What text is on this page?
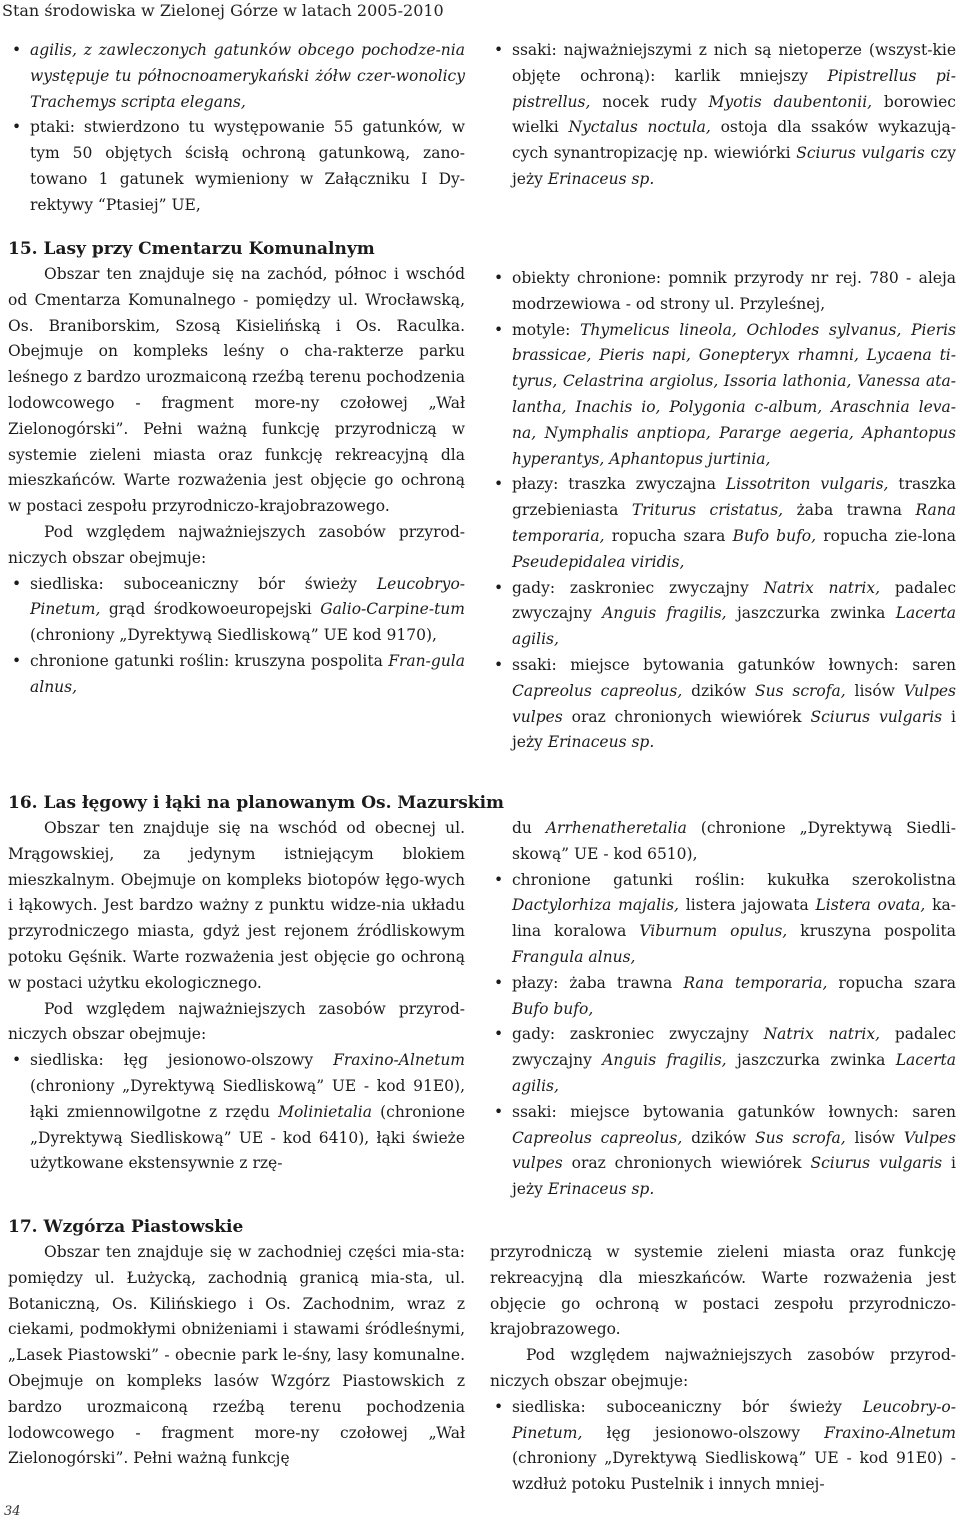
Stan środowiska w Zielonej Górze w latach 2005-2010
• agilis, z zawleczonych gatunków obcego pochodze-nia występuje tu północnoamerykański żółw czer-wonolicy Trachemys scripta elegans,
• ptaki: stwierdzono tu występowanie 55 gatunków, w tym 50 objętych ścisłą ochroną gatunkową, zano-towano 1 gatunek wymieniony w Załączniku I Dy-rektywy “Ptasiej” UE,
• ssaki: najważniejszymi z nich są nietoperze (wszyst-kie objęte ochroną): karlik mniejszy Pipistrellus pi-pistrellus, nocek rudy Myotis daubentonii, borowiec wielki Nyctalus noctula, ostoja dla ssaków wykazują-cych synantropizację np. wiewiórki Sciurus vulgaris czy jeży Erinaceus sp.
15. Lasy przy Cmentarzu Komunalnym

Obszar ten znajduje się na zachód, północ i wschód od Cmentarza Komunalnego - pomiędzy ul. Wrocławską, Os. Braniborskim, Szosą Kisielińską i Os. Raculka. Obejmuje on kompleks leśny o cha-rakterze parku leśnego z bardzo urozmaiconą rzeźbą terenu pochodzenia lodowcowego - fragment more-ny czołowej „Wał Zielonogórski”. Pełni ważną funkcję przyrodniczą w systemie zieleni miasta oraz funkcję rekreacyjną dla mieszkańców. Warte rozważenia jest objęcie go ochroną w postaci zespołu przyrodniczo-krajobrazowego.

Pod względem najważniejszych zasobów przyrod-niczych obszar obejmuje:

• siedliska: suboceaniczny bór świeży Leucobryo-Pinetum, grąd środkowoeuropejski Galio-Carpine-tum (chroniony „Dyrektywą Siedliskową” UE kod 9170),
• chronione gatunki roślin: kruszyna pospolita Fran-gula alnus,
• obiekty chronione: pomnik przyrody nr rej. 780 - aleja modrzewiowa - od strony ul. Przyleśnej,
• motyle: Thymelicus lineola, Ochlodes sylvanus, Pieris brassicae, Pieris napi, Gonepteryx rhamni, Lycaena ti-tyrus, Celastrina argiolus, Issoria lathonia, Vanessa ata-lantha, Inachis io, Polygonia c-album, Araschnia leva-na, Nymphalis anptiopa, Pararge aegeria, Aphantopus hyperantys, Aphantopus jurtinia,
• płazy: traszka zwyczajna Lissotriton vulgaris, traszka grzebieniasta Triturus cristatus, żaba trawna Rana temporaria, ropucha szara Bufo bufo, ropucha zie-lona Pseudepidalea viridis,
• gady: zaskroniec zwyczajny Natrix natrix, padalec zwyczajny Anguis fragilis, jaszczurka zwinka Lacerta agilis,
• ssaki: miejsce bytowania gatunków łownych: saren Capreolus capreolus, dzików Sus scrofa, lisów Vulpes vulpes oraz chronionych wiewiórek Sciurus vulgaris i jeży Erinaceus sp.
16. Las łęgowy i łąki na planowanym Os. Mazurskim

Obszar ten znajduje się na wschód od obecnej ul. Mrągowskiej, za jedynym istniejącym blokiem mieszkalnym. Obejmuje on kompleks biotopów łęgo-wych i łąkowych. Jest bardzo ważny z punktu widze-nia układu przyrodniczego miasta, gdyż jest rejonem źródliskowym potoku Gęśnik. Warte rozważenia jest objęcie go ochroną w postaci użytku ekologicznego.

Pod względem najważniejszych zasobów przyrod-niczych obszar obejmuje:

• siedliska: łęg jesionowo-olszowy Fraxino-Alnetum (chroniony „Dyrektywą Siedliskową” UE - kod 91E0), łąki zmiennowilgotne z rzędu Molinietalia (chronione „Dyrektywą Siedliskową” UE - kod 6410), łąki świeże użytkowane ekstensywnie z rzę-

du Arrhenatheretalia (chronione „Dyrektywą Siedli-skową” UE - kod 6510),

• chronione gatunki roślin: kukułka szerokolistna Dactylorhiza majalis, listera jajowata Listera ovata, ka-lina koralowa Viburnum opulus, kruszyna pospolita Frangula alnus,
• płazy: żaba trawna Rana temporaria, ropucha szara Bufo bufo,
• gady: zaskroniec zwyczajny Natrix natrix, padalec zwyczajny Anguis fragilis, jaszczurka zwinka Lacerta agilis,
• ssaki: miejsce bytowania gatunków łownych: saren Capreolus capreolus, dzików Sus scrofa, lisów Vulpes vulpes oraz chronionych wiewiórek Sciurus vulgaris i jeży Erinaceus sp.
17. Wzgórza Piastowskie

Obszar ten znajduje się w zachodniej części mia-sta: pomiędzy ul. Łużycką, zachodnią granicą mia-sta, ul. Botaniczną, Os. Kilińskiego i Os. Zachodnim, wraz z ciekami, podmokłymi obniżeniami i stawami śródleśnymi, „Lasek Piastowski” - obecnie park le-śny, lasy komunalne. Obejmuje on kompleks lasów Wzgórz Piastowskich z bardzo urozmaiconą rzeźbą terenu pochodzenia lodowcowego - fragment more-ny czołowej „Wał Zielonogórski”. Pełni ważną funkcję

przyrodniczą w systemie zieleni miasta oraz funkcję rekreacyjną dla mieszkańców. Warte rozważenia jest objęcie go ochroną w postaci zespołu przyrodniczo-krajobrazowego.

Pod względem najważniejszych zasobów przyrod-niczych obszar obejmuje:

• siedliska: suboceaniczny bór świeży Leucobry-o-Pinetum, łęg jesionowo-olszowy Fraxino-Alnetum (chroniony „Dyrektywą Siedliskową” UE - kod 91E0) - wzdłuż potoku Pustelnik i innych mniej-
34
